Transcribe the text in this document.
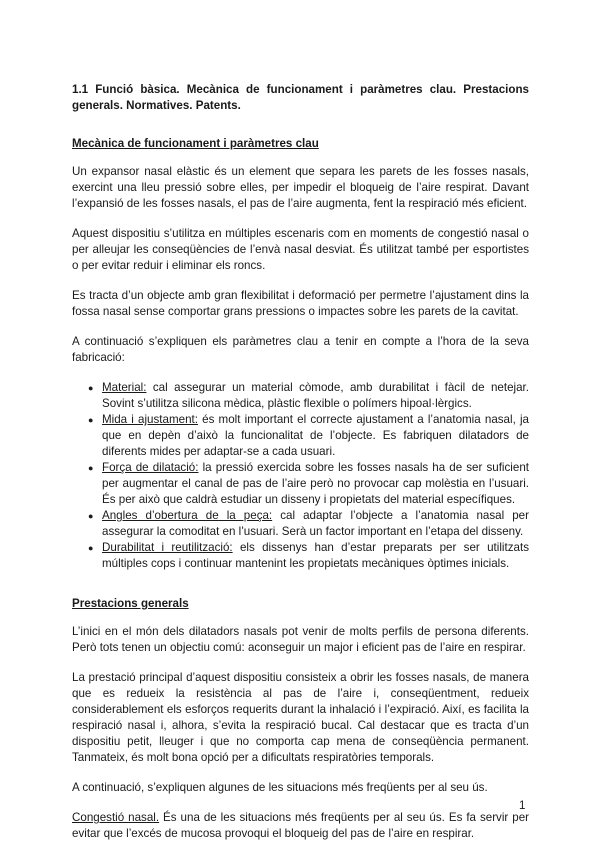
1.1 Funció bàsica. Mecànica de funcionament i paràmetres clau. Prestacions generals. Normatives. Patents.
Mecànica de funcionament i paràmetres clau

Un expansor nasal elàstic és un element que separa les parets de les fosses nasals, exercint una lleu pressió sobre elles, per impedir el bloqueig de l’aire respirat. Davant l’expansió de les fosses nasals, el pas de l’aire augmenta, fent la respiració més eficient.

Aquest dispositiu s’utilitza en múltiples escenaris com en moments de congestió nasal o per alleujar les conseqüències de l’envà nasal desviat. És utilitzat també per esportistes o per evitar reduir i eliminar els roncs.

Es tracta d’un objecte amb gran flexibilitat i deformació per permetre l’ajustament dins la fossa nasal sense comportar grans pressions o impactes sobre les parets de la cavitat.

A continuació s’expliquen els paràmetres clau a tenir en compte a l’hora de la seva fabricació:

● Material: cal assegurar un material còmode, amb durabilitat i fàcil de netejar. Sovint s’utilitza silicona mèdica, plàstic flexible o polímers hipoal·lèrgics.
● Mida i ajustament: és molt important el correcte ajustament a l’anatomia nasal, ja que en depèn d’això la funcionalitat de l’objecte. Es fabriquen dilatadors de diferents mides per adaptar-se a cada usuari.
● Força de dilatació: la pressió exercida sobre les fosses nasals ha de ser suficient per augmentar el canal de pas de l’aire però no provocar cap molèstia en l’usuari. És per això que caldrà estudiar un disseny i propietats del material específiques.
● Angles d’obertura de la peça: cal adaptar l’objecte a l’anatomia nasal per assegurar la comoditat en l’usuari. Serà un factor important en l’etapa del disseny.
● Durabilitat i reutilització: els dissenys han d’estar preparats per ser utilitzats múltiples cops i continuar mantenint les propietats mecàniques òptimes inicials.
Prestacions generals

L’inici en el món dels dilatadors nasals pot venir de molts perfils de persona diferents. Però tots tenen un objectiu comú: aconseguir un major i eficient pas de l’aire en respirar.

La prestació principal d’aquest dispositiu consisteix a obrir les fosses nasals, de manera que es redueix la resistència al pas de l’aire i, conseqüentment, redueix considerablement els esforços requerits durant la inhalació i l’expiració. Així, es facilita la respiració nasal i, alhora, s’evita la respiració bucal. Cal destacar que es tracta d’un dispositiu petit, lleuger i que no comporta cap mena de conseqüència permanent. Tanmateix, és molt bona opció per a dificultats respiratòries temporals.

A continuació, s’expliquen algunes de les situacions més freqüents per al seu ús.

Congestió nasal. És una de les situacions més freqüents per al seu ús. Es fa servir per evitar que l’excés de mucosa provoqui el bloqueig del pas de l’aire en respirar.

1
